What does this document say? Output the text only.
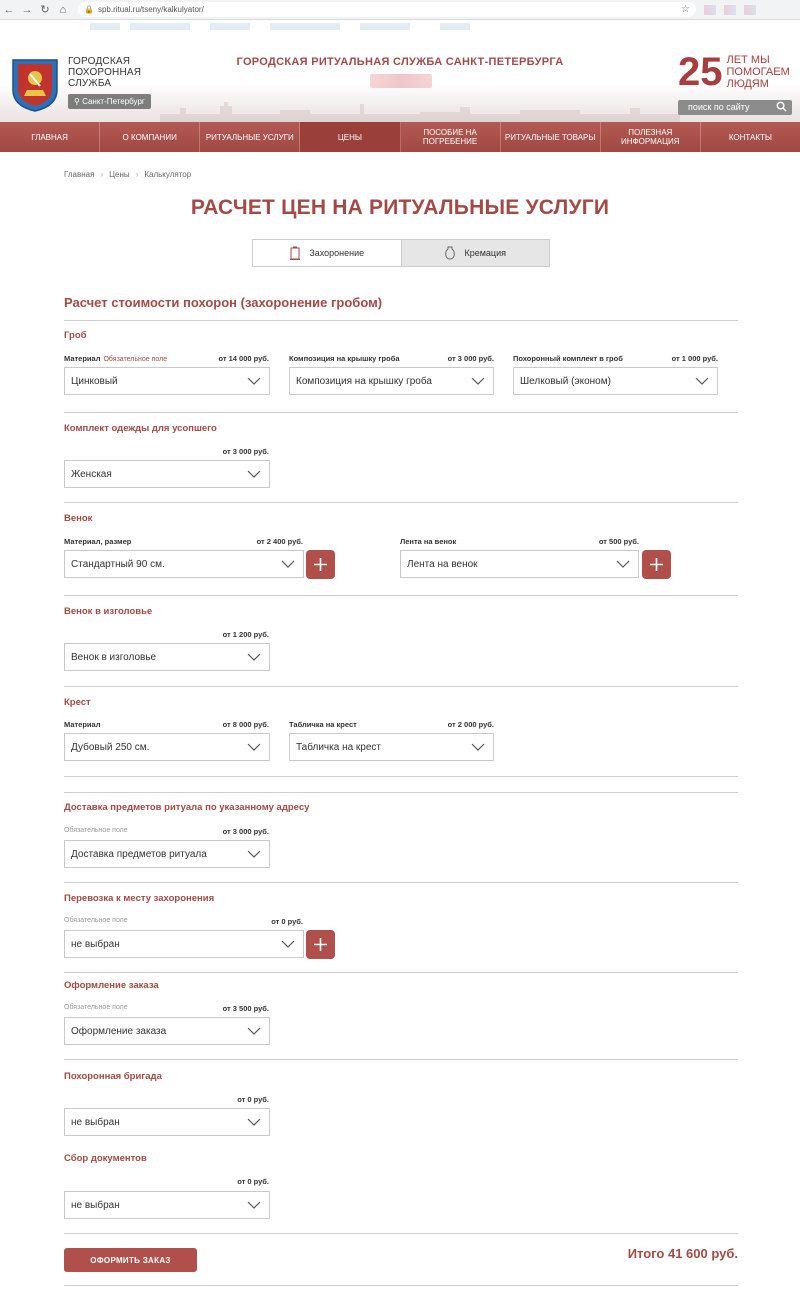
← → ↻ ⌂	🔒 spb.ritual.ru/tseny/kalkulyator/	☆
ГОРОДСКАЯ
ПОХОРОННАЯ
СЛУЖБА
⚲ Санкт-Петербург
ГОРОДСКАЯ РИТУАЛЬНАЯ СЛУЖБА САНКТ-ПЕТЕРБУРГА	25 ЛЕТ МЫ
ПОМОГАЕМ
ЛЮДЯМ
поиск по сайту
ГЛАВНАЯ	О КОМПАНИИ	РИТУАЛЬНЫЕ УСЛУГИ	ЦЕНЫ	ПОСОБИЕ НА ПОГРЕБЕНИЕ	РИТУАЛЬНЫЕ ТОВАРЫ	ПОЛЕЗНАЯ ИНФОРМАЦИЯ	КОНТАКТЫ
Главная › Цены › Калькулятор
РАСЧЕТ ЦЕН НА РИТУАЛЬНЫЕ УСЛУГИ
Захоронение	Кремация
Расчет стоимости похорон (захоронение гробом)
Гроб
Материал Обязательное поле	от 14 000 руб.
Цинковый
Композиция на крышку гроба	от 3 000 руб.
Композиция на крышку гроба
Похоронный комплект в гроб	от 1 000 руб.
Шелковый (эконом)
Комплект одежды для усопшего
от 3 000 руб.
Женская
Венок
Материал, размер	от 2 400 руб.
Стандартный 90 см.
Лента на венок	от 500 руб.
Лента на венок
Венок в изголовье
от 1 200 руб.
Венок в изголовье
Крест
Материал	от 8 000 руб.
Дубовый 250 см.
Табличка на крест	от 2 000 руб.
Табличка на крест
Доставка предметов ритуала по указанному адресу
Обязательное поле	от 3 000 руб.
Доставка предметов ритуала
Перевозка к месту захоронения
Обязательное поле	от 0 руб.
не выбран
Оформление заказа
Обязательное поле	от 3 500 руб.
Оформление заказа
Похоронная бригада
от 0 руб.
не выбран
Сбор документов
от 0 руб.
не выбран
ОФОРМИТЬ ЗАКАЗ	Итого 41 600 руб.
